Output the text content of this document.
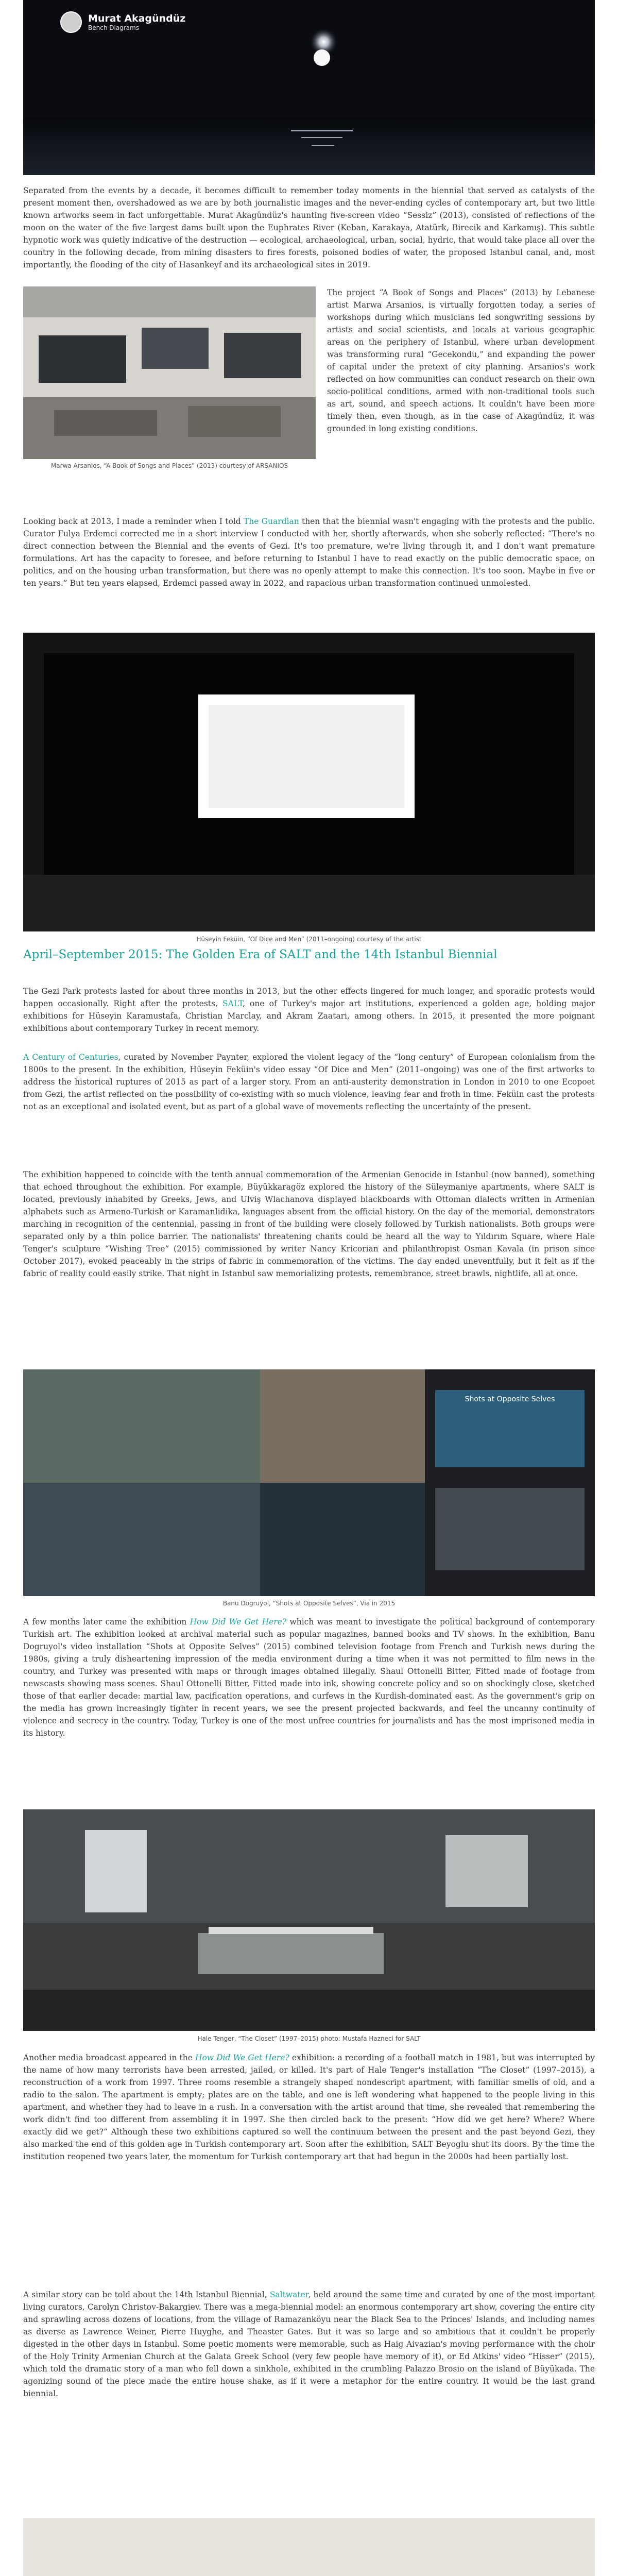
Murat Akagündüz
Bench Diagrams

Separated from the events by a decade, it becomes difficult to remember today moments in the biennial that served as catalysts of the present moment then, overshadowed as we are by both journalistic images and the never-ending cycles of contemporary art, but two little known artworks seem in fact unforgettable. Murat Akagündüz's haunting five-screen video “Sessiz” (2013), consisted of reflections of the moon on the water of the five largest dams built upon the Euphrates River (Keban, Karakaya, Atatürk, Birecik and Karkamış). This subtle hypnotic work was quietly indicative of the destruction — ecological, archaeological, urban, social, hydric, that would take place all over the country in the following decade, from mining disasters to fires forests, poisoned bodies of water, the proposed Istanbul canal, and, most importantly, the flooding of the city of Hasankeyf and its archaeological sites in 2019.

Marwa Arsanios, “A Book of Songs and Places” (2013) courtesy of ARSANIOS

The project “A Book of Songs and Places” (2013) by Lebanese artist Marwa Arsanios, is virtually forgotten today, a series of workshops during which musicians led songwriting sessions by artists and social scientists, and locals at various geographic areas on the periphery of Istanbul, where urban development was transforming rural “Gecekondu,” and expanding the power of capital under the pretext of city planning. Arsanios's work reflected on how communities can conduct research on their own socio-political conditions, armed with non-traditional tools such as art, sound, and speech actions. It couldn't have been more timely then, even though, as in the case of Akagündüz, it was grounded in long existing conditions.

Looking back at 2013, I made a reminder when I told The Guardian then that the biennial wasn't engaging with the protests and the public. Curator Fulya Erdemci corrected me in a short interview I conducted with her, shortly afterwards, when she soberly reflected: “There's no direct connection between the Biennial and the events of Gezi. It's too premature, we're living through it, and I don't want premature formulations. Art has the capacity to foresee, and before returning to Istanbul I have to read exactly on the public democratic space, on politics, and on the housing urban transformation, but there was no openly attempt to make this connection. It's too soon. Maybe in five or ten years.” But ten years elapsed, Erdemci passed away in 2022, and rapacious urban transformation continued unmolested.

Hüseyin Feküin, “Of Dice and Men” (2011–ongoing) courtesy of the artist
April–September 2015: The Golden Era of SALT and the 14th Istanbul Biennial

The Gezi Park protests lasted for about three months in 2013, but the other effects lingered for much longer, and sporadic protests would happen occasionally. Right after the protests, SALT, one of Turkey's major art institutions, experienced a golden age, holding major exhibitions for Hüseyin Karamustafa, Christian Marclay, and Akram Zaatari, among others. In 2015, it presented the more poignant exhibitions about contemporary Turkey in recent memory.

A Century of Centuries, curated by November Paynter, explored the violent legacy of the “long century” of European colonialism from the 1800s to the present. In the exhibition, Hüseyin Feküin's video essay “Of Dice and Men” (2011–ongoing) was one of the first artworks to address the historical ruptures of 2015 as part of a larger story. From an anti-austerity demonstration in London in 2010 to one Ecopoet from Gezi, the artist reflected on the possibility of co-existing with so much violence, leaving fear and froth in time. Feküin cast the protests not as an exceptional and isolated event, but as part of a global wave of movements reflecting the uncertainty of the present.

The exhibition happened to coincide with the tenth annual commemoration of the Armenian Genocide in Istanbul (now banned), something that echoed throughout the exhibition. For example, Büyükkaragöz explored the history of the Süleymaniye apartments, where SALT is located, previously inhabited by Greeks, Jews, and Ulviş Wlachanova displayed blackboards with Ottoman dialects written in Armenian alphabets such as Armeno-Turkish or Karamanlidika, languages absent from the official history. On the day of the memorial, demonstrators marching in recognition of the centennial, passing in front of the building were closely followed by Turkish nationalists. Both groups were separated only by a thin police barrier. The nationalists' threatening chants could be heard all the way to Yıldırım Square, where Hale Tenger's sculpture “Wishing Tree” (2015) commissioned by writer Nancy Kricorian and philanthropist Osman Kavala (in prison since October 2017), evoked peaceably in the strips of fabric in commemoration of the victims. The day ended uneventfully, but it felt as if the fabric of reality could easily strike. That night in Istanbul saw memorializing protests, remembrance, street brawls, nightlife, all at once.

Shots at Opposite Selves
Banu Dogruyol, “Shots at Opposite Selves”, Via in 2015

A few months later came the exhibition How Did We Get Here? which was meant to investigate the political background of contemporary Turkish art. The exhibition looked at archival material such as popular magazines, banned books and TV shows. In the exhibition, Banu Dogruyol's video installation “Shots at Opposite Selves” (2015) combined television footage from French and Turkish news during the 1980s, giving a truly disheartening impression of the media environment during a time when it was not permitted to film news in the country, and Turkey was presented with maps or through images obtained illegally. Shaul Ottonelli Bitter, Fitted made of footage from newscasts showing mass scenes. Shaul Ottonelli Bitter, Fitted made into ink, showing concrete policy and so on shockingly close, sketched those of that earlier decade: martial law, pacification operations, and curfews in the Kurdish-dominated east. As the government's grip on the media has grown increasingly tighter in recent years, we see the present projected backwards, and feel the uncanny continuity of violence and secrecy in the country. Today, Turkey is one of the most unfree countries for journalists and has the most imprisoned media in its history.

Hale Tenger, “The Closet” (1997–2015) photo: Mustafa Hazneci for SALT

Another media broadcast appeared in the How Did We Get Here? exhibition: a recording of a football match in 1981, but was interrupted by the name of how many terrorists have been arrested, jailed, or killed. It's part of Hale Tenger's installation “The Closet” (1997–2015), a reconstruction of a work from 1997. Three rooms resemble a strangely shaped nondescript apartment, with familiar smells of old, and a radio to the salon. The apartment is empty; plates are on the table, and one is left wondering what happened to the people living in this apartment, and whether they had to leave in a rush. In a conversation with the artist around that time, she revealed that remembering the work didn't find too different from assembling it in 1997. She then circled back to the present: “How did we get here? Where? Where exactly did we get?” Although these two exhibitions captured so well the continuum between the present and the past beyond Gezi, they also marked the end of this golden age in Turkish contemporary art. Soon after the exhibition, SALT Beyoglu shut its doors. By the time the institution reopened two years later, the momentum for Turkish contemporary art that had begun in the 2000s had been partially lost.

A similar story can be told about the 14th Istanbul Biennial, Saltwater, held around the same time and curated by one of the most important living curators, Carolyn Christov-Bakargiev. There was a mega-biennial model: an enormous contemporary art show, covering the entire city and sprawling across dozens of locations, from the village of Ramazanköyu near the Black Sea to the Princes' Islands, and including names as diverse as Lawrence Weiner, Pierre Huyghe, and Theaster Gates. But it was so large and so ambitious that it couldn't be properly digested in the other days in Istanbul. Some poetic moments were memorable, such as Haig Aivazian's moving performance with the choir of the Holy Trinity Armenian Church at the Galata Greek School (very few people have memory of it), or Ed Atkins' video “Hisser” (2015), which told the dramatic story of a man who fell down a sinkhole, exhibited in the crumbling Palazzo Brosio on the island of Büyükada. The agonizing sound of the piece made the entire house shake, as if it were a metaphor for the entire country. It would be the last grand biennial.
